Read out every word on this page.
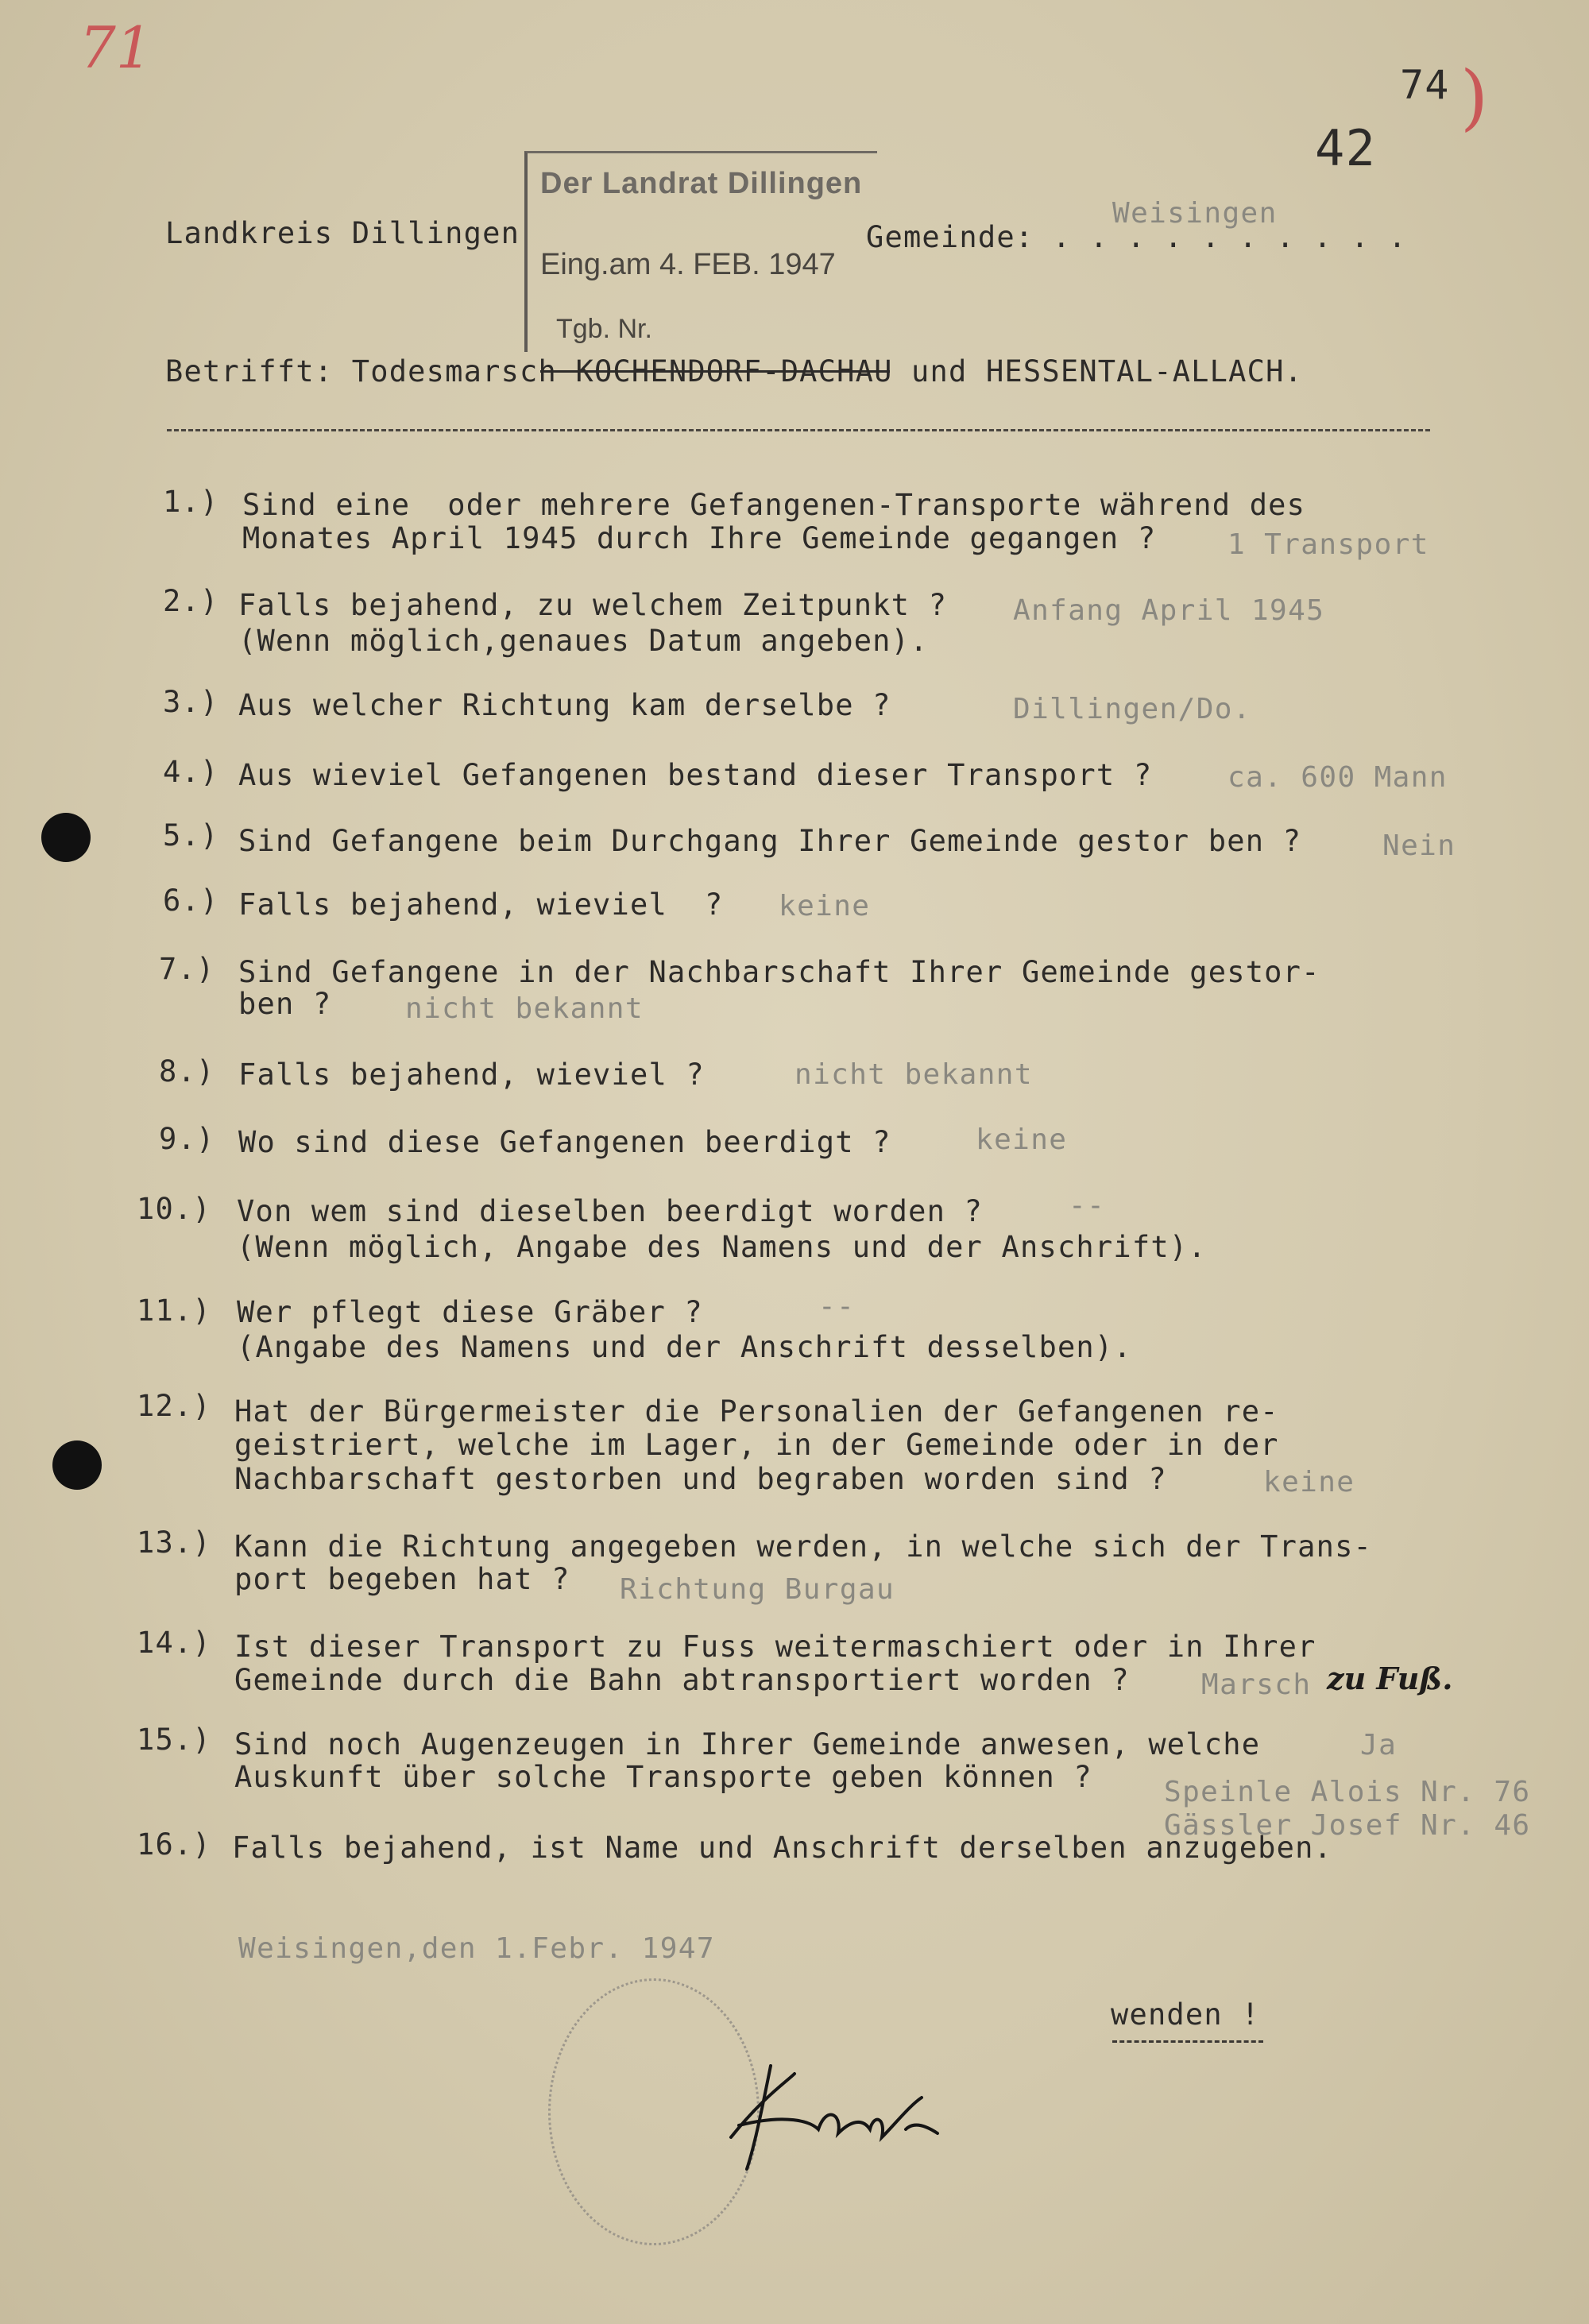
71
74 )
42
Landkreis Dillingen	Gemeinde: . . . . . . . . . .
Weisingen
Der Landrat Dillingen
Eing.am 4. FEB. 1947
Tgb. Nr.
Betrifft: Todesmarsch KOCHENDORF-DACHAU und HESSENTAL-ALLACH.
1.) Sind eine  oder mehrere Gefangenen-Transporte während des
Monates April 1945 durch Ihre Gemeinde gegangen ? 1 Transport
2.) Falls bejahend, zu welchem Zeitpunkt ?
(Wenn möglich,genaues Datum angeben).
Anfang April 1945
3.) Aus welcher Richtung kam derselbe ?	Dillingen/Do.
4.) Aus wieviel Gefangenen bestand dieser Transport ?	ca. 600 Mann
5.) Sind Gefangene beim Durchgang Ihrer Gemeinde gestor ben ?	Nein
6.) Falls bejahend, wieviel  ? keine
7.) Sind Gefangene in der Nachbarschaft Ihrer Gemeinde gestor-
ben ?	nicht bekannt
8.) Falls bejahend, wieviel ?	nicht bekannt
9.) Wo sind diese Gefangenen beerdigt ?	keine
10.) Von wem sind dieselben beerdigt worden ?
(Wenn möglich, Angabe des Namens und der Anschrift).
--
11.) Wer pflegt diese Gräber ?
(Angabe des Namens und der Anschrift desselben).
--
12.) Hat der Bürgermeister die Personalien der Gefangenen re-
geistriert, welche im Lager, in der Gemeinde oder in der
Nachbarschaft gestorben und begraben worden sind ?	keine
13.) Kann die Richtung angegeben werden, in welche sich der Trans-
port begeben hat ? Richtung Burgau
14.) Ist dieser Transport zu Fuss weitermaschiert oder in Ihrer
Gemeinde durch die Bahn abtransportiert worden ?	Marsch zu Fuß.
15.) Sind noch Augenzeugen in Ihrer Gemeinde anwesen, welche
Auskunft über solche Transporte geben können ?
Ja
16.) Falls bejahend, ist Name und Anschrift derselben anzugeben.
Speinle Alois Nr. 76
Gässler Josef Nr. 46
Weisingen,den 1.Febr. 1947
wenden !
